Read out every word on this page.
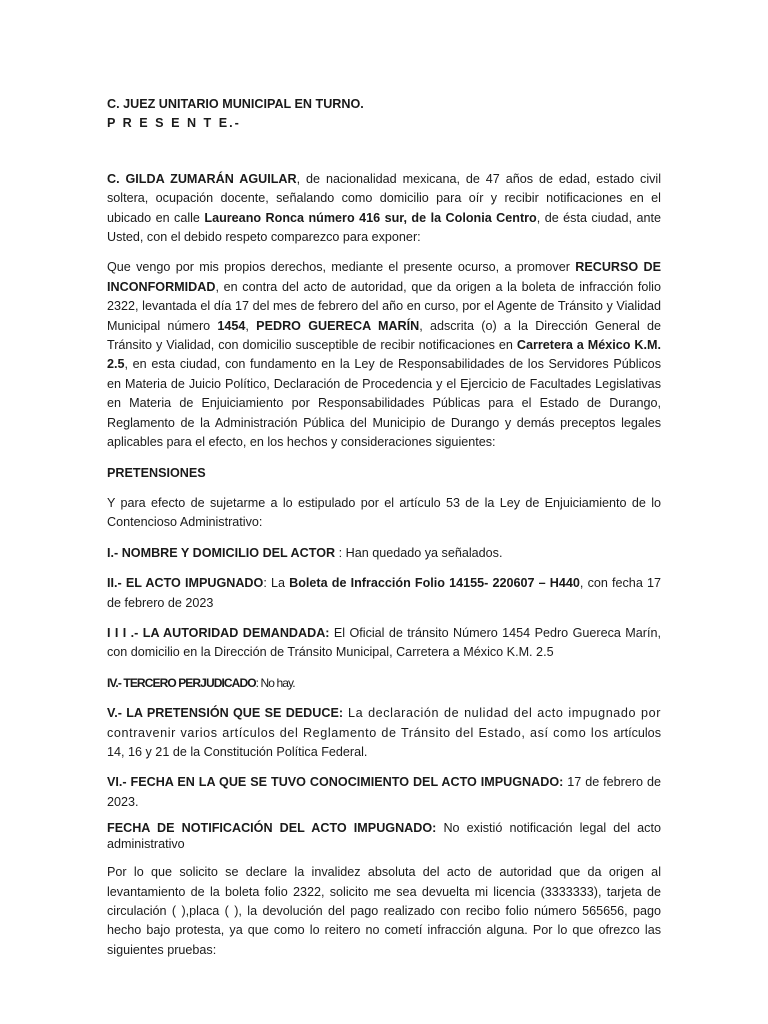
C. JUEZ UNITARIO MUNICIPAL EN TURNO.

P R E S E N T E.-

C. GILDA ZUMARÁN AGUILAR, de nacionalidad mexicana, de 47 años de edad, estado civil soltera, ocupación docente, señalando como domicilio para oír y recibir notificaciones en el ubicado en calle Laureano Ronca número 416 sur, de la Colonia Centro, de ésta ciudad, ante Usted, con el debido respeto comparezco para exponer:

Que vengo por mis propios derechos, mediante el presente ocurso, a promover RECURSO DE INCONFORMIDAD, en contra del acto de autoridad, que da origen a la boleta de infracción folio 2322, levantada el día 17 del mes de febrero del año en curso, por el Agente de Tránsito y Vialidad Municipal número 1454, PEDRO GUERECA MARÍN, adscrita (o) a la Dirección General de Tránsito y Vialidad, con domicilio susceptible de recibir notificaciones en Carretera a México K.M. 2.5, en esta ciudad, con fundamento en la Ley de Responsabilidades de los Servidores Públicos en Materia de Juicio Político, Declaración de Procedencia y el Ejercicio de Facultades Legislativas en Materia de Enjuiciamiento por Responsabilidades Públicas para el Estado de Durango, Reglamento de la Administración Pública del Municipio de Durango y demás preceptos legales aplicables para el efecto, en los hechos y consideraciones siguientes:

PRETENSIONES

Y para efecto de sujetarme a lo estipulado por el artículo 53 de la Ley de Enjuiciamiento de lo Contencioso Administrativo:

I.- NOMBRE Y DOMICILIO DEL ACTOR : Han quedado ya señalados.

II.- EL ACTO IMPUGNADO: La Boleta de Infracción Folio 14155- 220607 – H440, con fecha 17 de febrero de 2023

I I I .- LA AUTORIDAD DEMANDADA: El Oficial de tránsito Número 1454 Pedro Guereca Marín, con domicilio en la Dirección de Tránsito Municipal, Carretera a México K.M. 2.5

IV.- TERCERO PERJUDICADO: No hay.

V.- LA PRETENSIÓN QUE SE DEDUCE: La declaración de nulidad del acto impugnado por contravenir varios artículos del Reglamento de Tránsito del Estado, así como los artículos 14, 16 y 21 de la Constitución Política Federal.

VI.- FECHA EN LA QUE SE TUVO CONOCIMIENTO DEL ACTO IMPUGNADO: 17 de febrero de 2023.

FECHA DE NOTIFICACIÓN DEL ACTO IMPUGNADO: No existió notificación legal del acto administrativo

Por lo que solicito se declare la invalidez absoluta del acto de autoridad que da origen al levantamiento de la boleta folio 2322, solicito me sea devuelta mi licencia (3333333), tarjeta de circulación ( ),placa ( ), la devolución del pago realizado con recibo folio número 565656, pago hecho bajo protesta, ya que como lo reitero no cometí infracción alguna. Por lo que ofrezco las siguientes pruebas:
